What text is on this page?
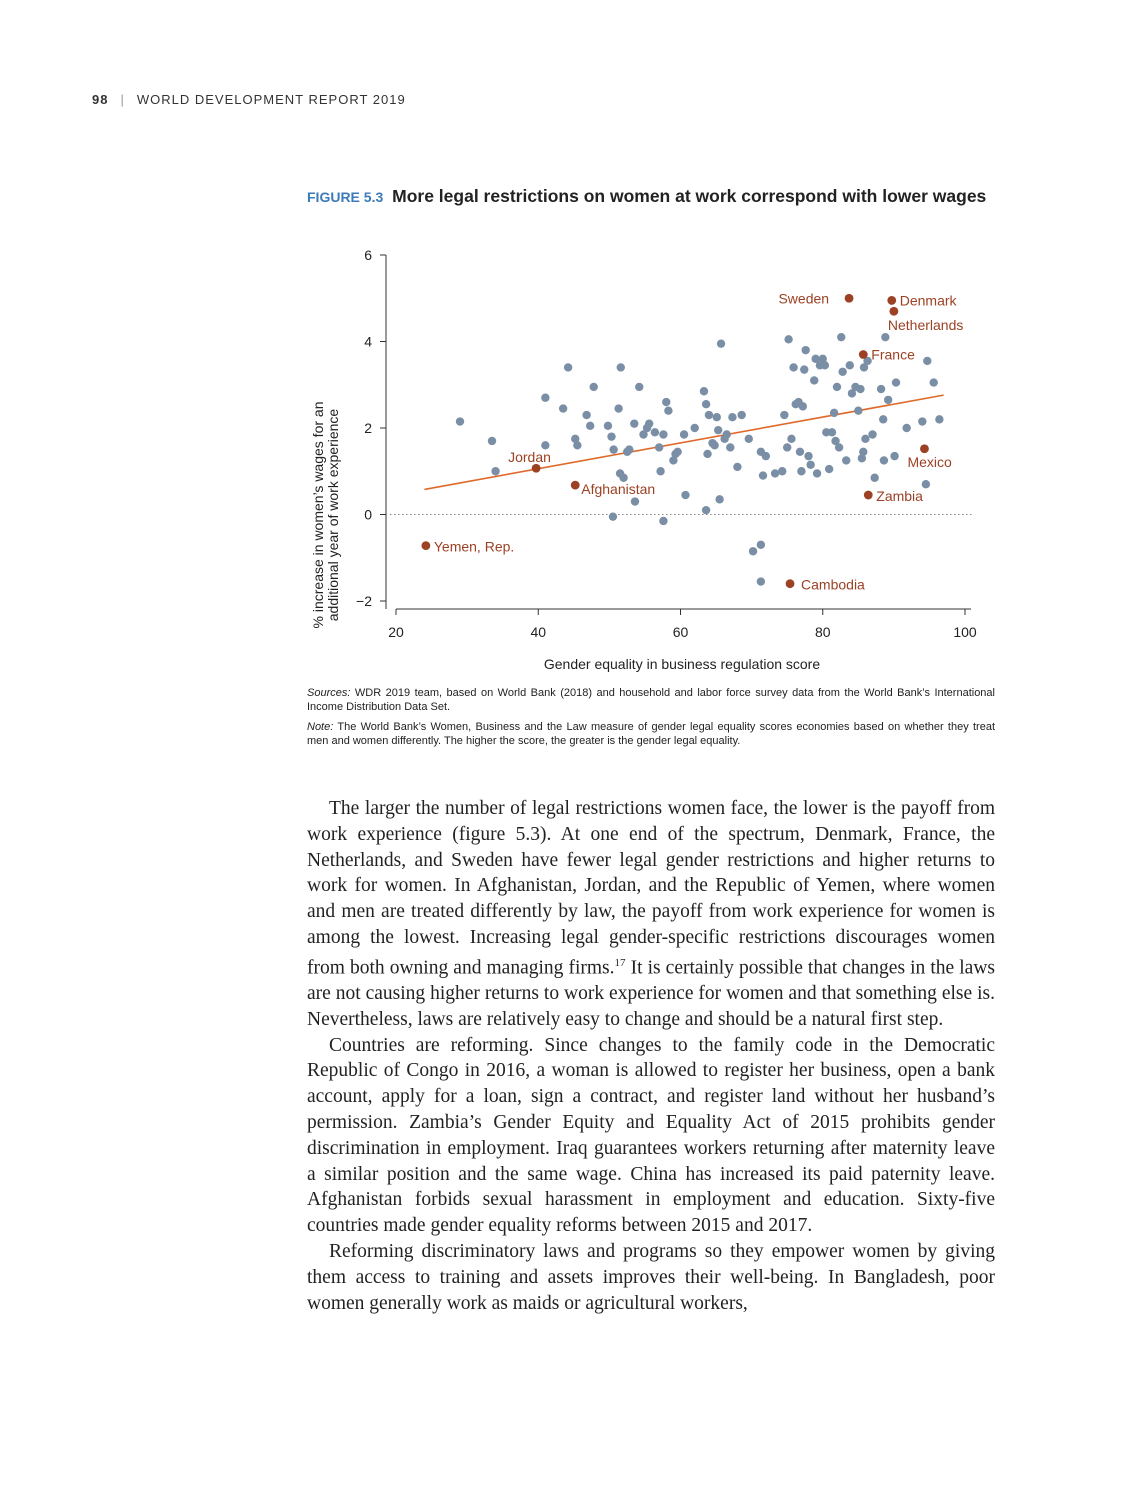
98 | WORLD DEVELOPMENT REPORT 2019
FIGURE 5.3 More legal restrictions on women at work correspond with lower wages
6
4
2
0
−2
20	40	60	80	100
Sweden	Denmark
Netherlands
France
Jordan
Afghanistan
Mexico
Zambia
Yemen, Rep.
Cambodia
Gender equality in business regulation score
% increase in women’s wages for an additional year of work experience

Sources: WDR 2019 team, based on World Bank (2018) and household and labor force survey data from the World Bank’s International Income Distribution Data Set.

Note: The World Bank’s Women, Business and the Law measure of gender legal equality scores economies based on whether they treat men and women differently. The higher the score, the greater is the gender legal equality.

The larger the number of legal restrictions women face, the lower is the payoff from work experience (figure 5.3). At one end of the spectrum, Denmark, France, the Netherlands, and Sweden have fewer legal gender restrictions and higher returns to work for women. In Afghanistan, Jordan, and the Republic of Yemen, where women and men are treated differently by law, the payoff from work experience for women is among the lowest. Increasing legal gender-specific restrictions discourages women from both owning and managing firms.$^{17}$ It is certainly possible that changes in the laws are not causing higher returns to work experience for women and that something else is. Nevertheless, laws are relatively easy to change and should be a natural first step.

Countries are reforming. Since changes to the family code in the Democratic Republic of Congo in 2016, a woman is allowed to register her business, open a bank account, apply for a loan, sign a contract, and register land without her husband’s permission. Zambia’s Gender Equity and Equality Act of 2015 prohibits gender discrimination in employment. Iraq guarantees workers returning after maternity leave a similar position and the same wage. China has increased its paid paternity leave. Afghanistan forbids sexual harassment in employment and education. Sixty-five countries made gender equality reforms between 2015 and 2017.

Reforming discriminatory laws and programs so they empower women by giving them access to training and assets improves their well-being. In Bangladesh, poor women generally work as maids or agricultural workers,
